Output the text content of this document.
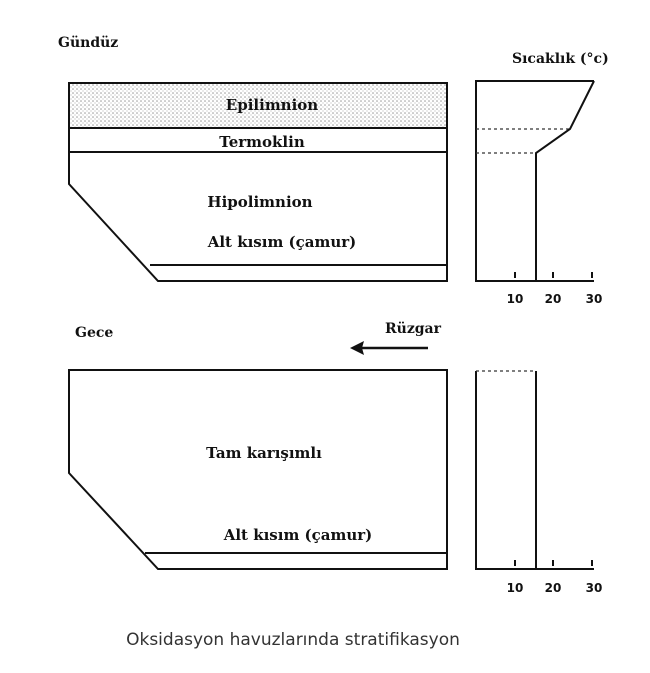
Gündüz
Sıcaklık (°c)
Epilimnion
Termoklin
Hipolimnion
Alt kısım (çamur)
10 20 30
Gece	Rüzgar
Tam karışımlı
Alt kısım (çamur)
10 20 30
Oksidasyon havuzlarında stratifikasyon
